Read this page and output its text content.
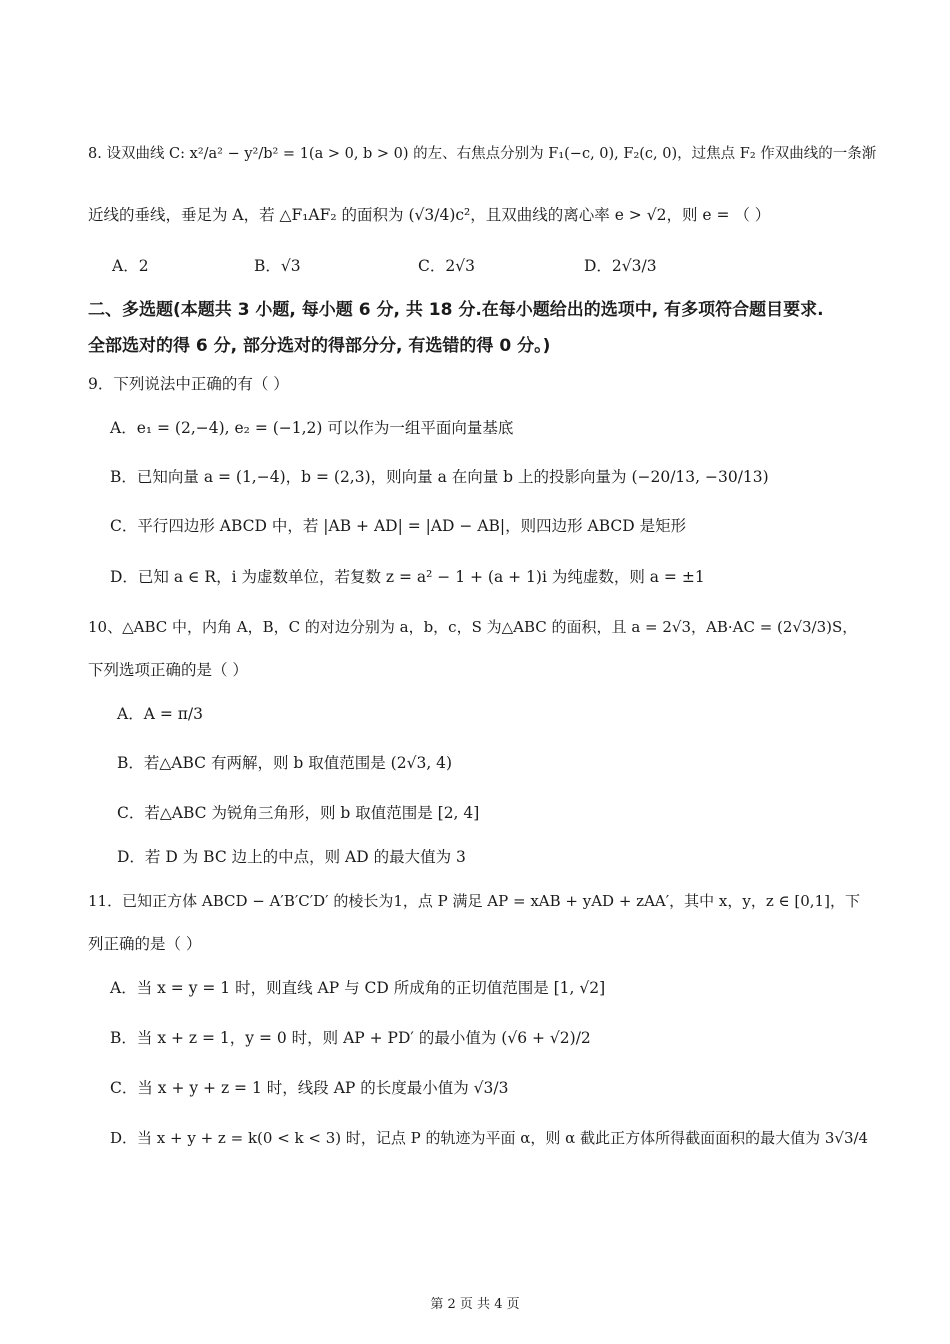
8. 设双曲线 C: x²/a² − y²/b² = 1(a > 0, b > 0) 的左、右焦点分别为 F₁(−c, 0), F₂(c, 0)，过焦点 F₂ 作双曲线的一条渐
近线的垂线，垂足为 A，若 △F₁AF₂ 的面积为 (√3/4)c²，且双曲线的离心率 e > √2，则 e = （ ）
A．2	B．√3	C．2√3	D．2√3/3
二、多选题(本题共 3 小题, 每小题 6 分, 共 18 分.在每小题给出的选项中, 有多项符合题目要求.
全部选对的得 6 分, 部分选对的得部分分, 有选错的得 0 分。)
9．下列说法中正确的有（ ）
A．e₁ = (2,−4), e₂ = (−1,2) 可以作为一组平面向量基底
B．已知向量 a = (1,−4)，b = (2,3)，则向量 a 在向量 b 上的投影向量为 (−20/13, −30/13)
C．平行四边形 ABCD 中，若 |AB + AD| = |AD − AB|，则四边形 ABCD 是矩形
D．已知 a ∈ R，i 为虚数单位，若复数 z = a² − 1 + (a + 1)i 为纯虚数，则 a = ±1
10、△ABC 中，内角 A，B，C 的对边分别为 a，b，c，S 为△ABC 的面积，且 a = 2√3，AB·AC = (2√3/3)S，
下列选项正确的是（ ）
A．A = π/3
B．若△ABC 有两解，则 b 取值范围是 (2√3, 4)
C．若△ABC 为锐角三角形，则 b 取值范围是 [2, 4]
D．若 D 为 BC 边上的中点，则 AD 的最大值为 3
11．已知正方体 ABCD − A′B′C′D′ 的棱长为1，点 P 满足 AP = xAB + yAD + zAA′，其中 x，y，z ∈ [0,1]，下
列正确的是（ ）
A．当 x = y = 1 时，则直线 AP 与 CD 所成角的正切值范围是 [1, √2]
B．当 x + z = 1，y = 0 时，则 AP + PD′ 的最小值为 (√6 + √2)/2
C．当 x + y + z = 1 时，线段 AP 的长度最小值为 √3/3
D．当 x + y + z = k(0 < k < 3) 时，记点 P 的轨迹为平面 α，则 α 截此正方体所得截面面积的最大值为 3√3/4
第 2 页 共 4 页
